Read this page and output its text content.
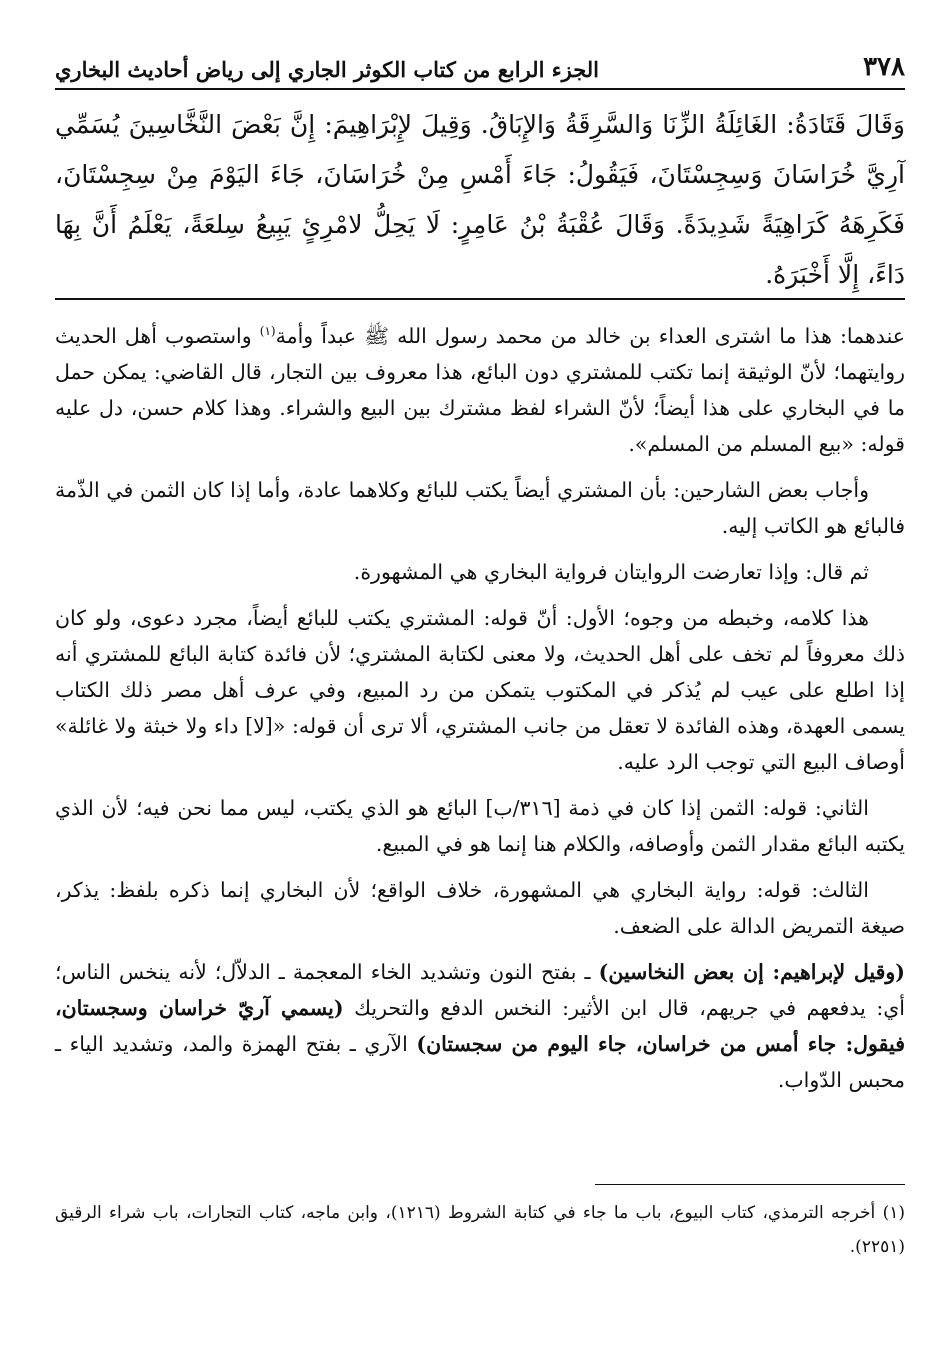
٣٧٨
الجزء الرابع من كتاب الكوثر الجاري إلى رياض أحاديث البخاري

وَقَالَ قَتَادَةُ: الغَائِلَةُ الزِّنَا وَالسَّرِقَةُ وَالإِبَاقُ. وَقِيلَ لإِبْرَاهِيمَ: إِنَّ بَعْضَ النَّخَّاسِينَ يُسَمِّي آرِيَّ خُرَاسَانَ وَسِجِسْتَانَ، فَيَقُولُ: جَاءَ أَمْسِ مِنْ خُرَاسَانَ، جَاءَ اليَوْمَ مِنْ سِجِسْتَانَ، فَكَرِهَهُ كَرَاهِيَةً شَدِيدَةً. وَقَالَ عُقْبَةُ بْنُ عَامِرٍ: لَا يَحِلُّ لامْرِئٍ يَبِيعُ سِلعَةً، يَعْلَمُ أَنَّ بِهَا دَاءً، إِلَّا أَخْبَرَهُ.

عندهما: هذا ما اشترى العداء بن خالد من محمد رسول الله ﷺ عبداً وأمة$^{(١)}$ واستصوب أهل الحديث روايتهما؛ لأنّ الوثيقة إنما تكتب للمشتري دون البائع، هذا معروف بين التجار، قال القاضي: يمكن حمل ما في البخاري على هذا أيضاً؛ لأنّ الشراء لفظ مشترك بين البيع والشراء. وهذا كلام حسن، دل عليه قوله: «بيع المسلم من المسلم».

وأجاب بعض الشارحين: بأن المشتري أيضاً يكتب للبائع وكلاهما عادة، وأما إذا كان الثمن في الذّمة فالبائع هو الكاتب إليه.

ثم قال: وإذا تعارضت الروايتان فرواية البخاري هي المشهورة.

هذا كلامه، وخبطه من وجوه؛ الأول: أنّ قوله: المشتري يكتب للبائع أيضاً، مجرد دعوى، ولو كان ذلك معروفاً لم تخف على أهل الحديث، ولا معنى لكتابة المشتري؛ لأن فائدة كتابة البائع للمشتري أنه إذا اطلع على عيب لم يُذكر في المكتوب يتمكن من رد المبيع، وفي عرف أهل مصر ذلك الكتاب يسمى العهدة، وهذه الفائدة لا تعقل من جانب المشتري، ألا ترى أن قوله: «[لا] داء ولا خبثة ولا غائلة» أوصاف البيع التي توجب الرد عليه.

الثاني: قوله: الثمن إذا كان في ذمة [٣١٦/ب] البائع هو الذي يكتب، ليس مما نحن فيه؛ لأن الذي يكتبه البائع مقدار الثمن وأوصافه، والكلام هنا إنما هو في المبيع.

الثالث: قوله: رواية البخاري هي المشهورة، خلاف الواقع؛ لأن البخاري إنما ذكره بلفظ: يذكر، صيغة التمريض الدالة على الضعف.

(وقيل لإبراهيم: إن بعض النخاسين) ـ بفتح النون وتشديد الخاء المعجمة ـ الدلاّل؛ لأنه ينخس الناس؛ أي: يدفعهم في جريهم، قال ابن الأثير: النخس الدفع والتحريك (يسمي آريّ خراسان وسجستان، فيقول: جاء أمس من خراسان، جاء اليوم من سجستان) الآري ـ بفتح الهمزة والمد، وتشديد الياء ـ محبس الدّواب.

(١) أخرجه الترمذي، كتاب البيوع، باب ما جاء في كتابة الشروط (١٢١٦)، وابن ماجه، كتاب التجارات، باب شراء الرقيق (٢٢٥١).
